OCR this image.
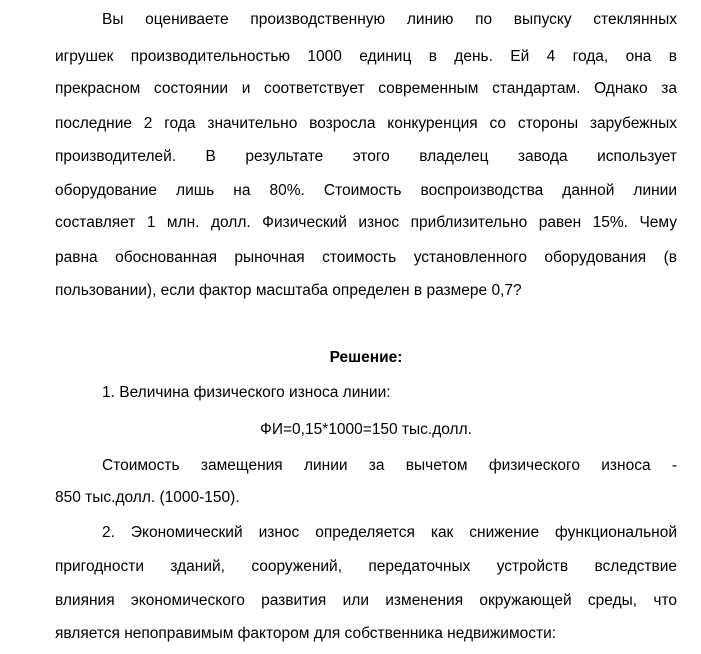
Вы оцениваете производственную линию по выпуску стеклянных
игрушек производительностью 1000 единиц в день. Ей 4 года, она в
прекрасном состоянии и соответствует современным стандартам. Однако за
последние 2 года значительно возросла конкуренция со стороны зарубежных
производителей. В результате этого владелец завода использует
оборудование лишь на 80%. Стоимость воспроизводства данной линии
составляет 1 млн. долл. Физический износ приблизительно равен 15%. Чему
равна обоснованная рыночная стоимость установленного оборудования (в
пользовании), если фактор масштаба определен в размере 0,7?
Решение:
1. Величина физического износа линии:
ФИ=0,15*1000=150 тыс.долл.
Стоимость замещения линии за вычетом физического износа -
850 тыс.долл. (1000-150).
2. Экономический износ определяется как снижение функциональной
пригодности зданий, сооружений, передаточных устройств вследствие
влияния экономического развития или изменения окружающей среды, что
является непоправимым фактором для собственника недвижимости:
